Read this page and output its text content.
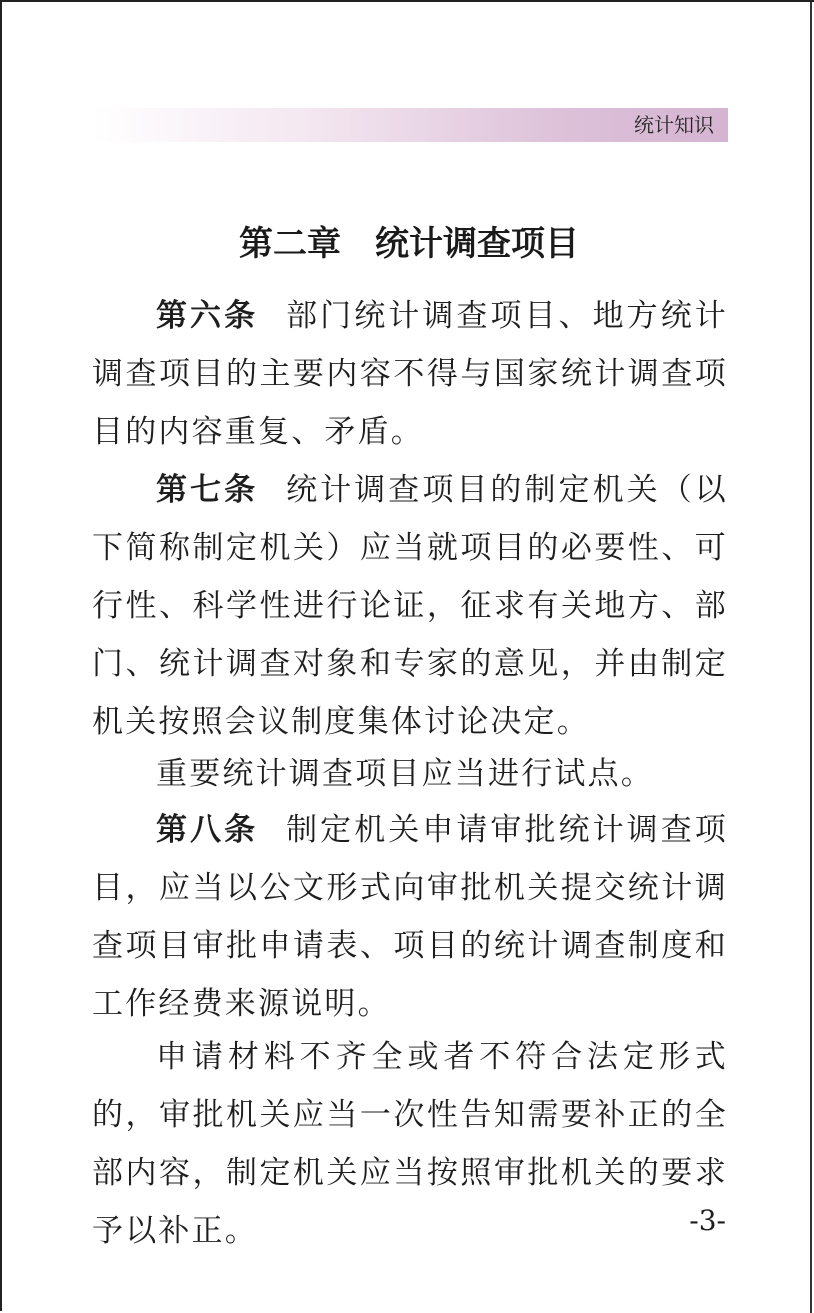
统计知识
第二章　统计调查项目

第六条 部门统计调查项目、地方统计调查项目的主要内容不得与国家统计调查项目的内容重复、矛盾。

第七条 统计调查项目的制定机关（以下简称制定机关）应当就项目的必要性、可行性、科学性进行论证，征求有关地方、部门、统计调查对象和专家的意见，并由制定机关按照会议制度集体讨论决定。

重要统计调查项目应当进行试点。

第八条 制定机关申请审批统计调查项目，应当以公文形式向审批机关提交统计调查项目审批申请表、项目的统计调查制度和工作经费来源说明。

申请材料不齐全或者不符合法定形式的，审批机关应当一次性告知需要补正的全部内容，制定机关应当按照审批机关的要求予以补正。	-3-
